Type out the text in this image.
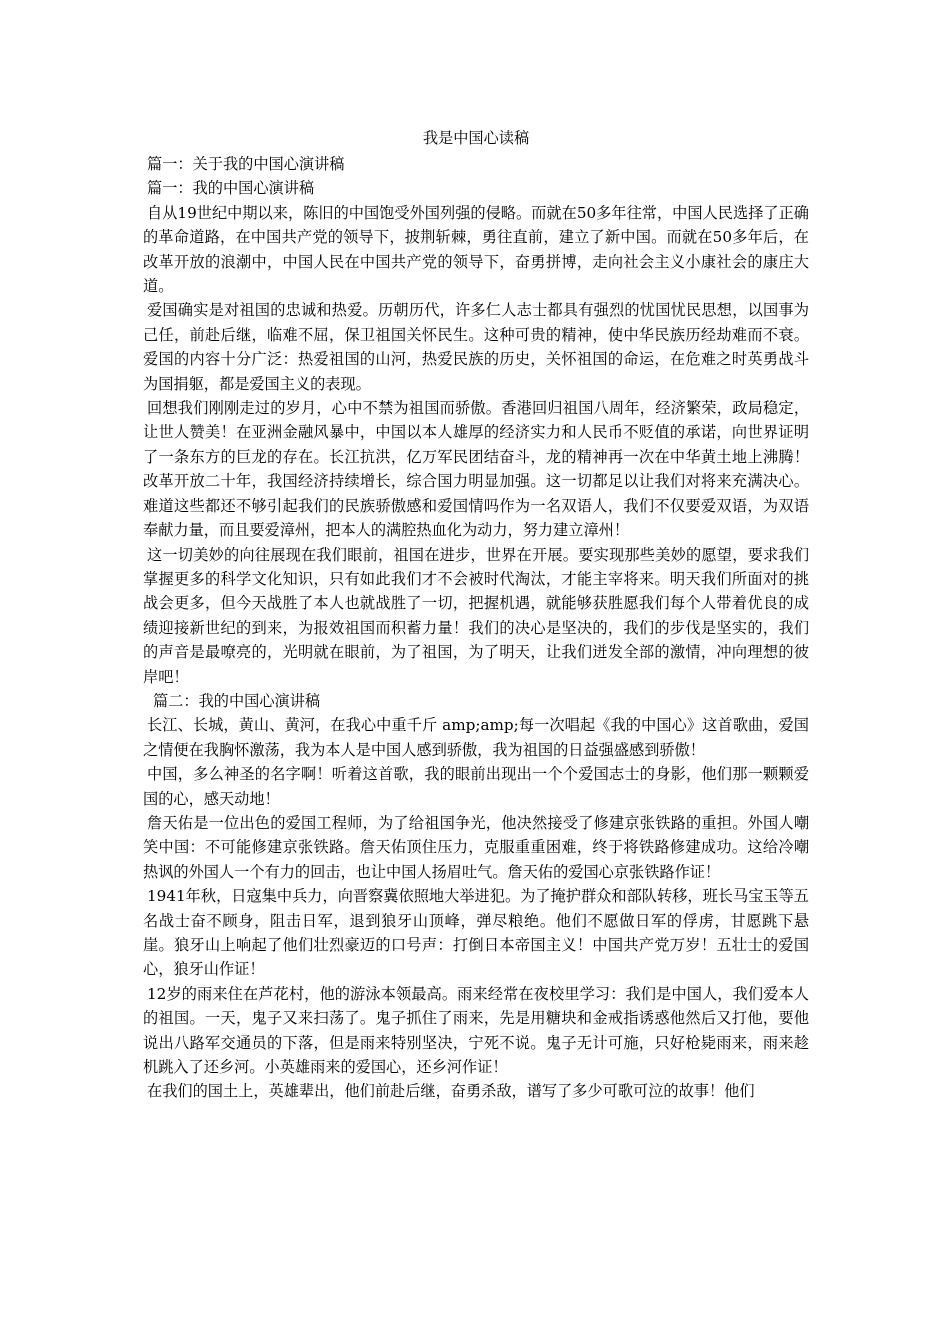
我是中国心读稿

篇一：关于我的中国心演讲稿

篇一：我的中国心演讲稿

自从19世纪中期以来，陈旧的中国饱受外国列强的侵略。而就在50多年往常，中国人民选择了正确的革命道路，在中国共产党的领导下，披荆斩棘，勇往直前，建立了新中国。而就在50多年后，在改革开放的浪潮中，中国人民在中国共产党的领导下，奋勇拼博，走向社会主义小康社会的康庄大道。

爱国确实是对祖国的忠诚和热爱。历朝历代，许多仁人志士都具有强烈的忧国忧民思想，以国事为己任，前赴后继，临难不屈，保卫祖国关怀民生。这种可贵的精神，使中华民族历经劫难而不衰。爱国的内容十分广泛：热爱祖国的山河，热爱民族的历史，关怀祖国的命运，在危难之时英勇战斗为国捐躯，都是爱国主义的表现。

回想我们刚刚走过的岁月，心中不禁为祖国而骄傲。香港回归祖国八周年，经济繁荣，政局稳定，让世人赞美！在亚洲金融风暴中，中国以本人雄厚的经济实力和人民币不贬值的承诺，向世界证明了一条东方的巨龙的存在。长江抗洪，亿万军民团结奋斗，龙的精神再一次在中华黄土地上沸腾！改革开放二十年，我国经济持续增长，综合国力明显加强。这一切都足以让我们对将来充满决心。难道这些都还不够引起我们的民族骄傲感和爱国情吗作为一名双语人，我们不仅要爱双语，为双语奉献力量，而且要爱漳州，把本人的满腔热血化为动力，努力建立漳州！

这一切美妙的向往展现在我们眼前，祖国在进步，世界在开展。要实现那些美妙的愿望，要求我们掌握更多的科学文化知识，只有如此我们才不会被时代淘汰，才能主宰将来。明天我们所面对的挑战会更多，但今天战胜了本人也就战胜了一切，把握机遇，就能够获胜愿我们每个人带着优良的成绩迎接新世纪的到来，为报效祖国而积蓄力量！我们的决心是坚决的，我们的步伐是坚实的，我们的声音是最嘹亮的，光明就在眼前，为了祖国，为了明天，让我们迸发全部的激情，冲向理想的彼岸吧！

篇二：我的中国心演讲稿

长江、长城，黄山、黄河，在我心中重千斤 amp;amp;每一次唱起《我的中国心》这首歌曲，爱国之情便在我胸怀激荡，我为本人是中国人感到骄傲，我为祖国的日益强盛感到骄傲！

中国，多么神圣的名字啊！听着这首歌，我的眼前出现出一个个爱国志士的身影，他们那一颗颗爱国的心，感天动地！

詹天佑是一位出色的爱国工程师，为了给祖国争光，他决然接受了修建京张铁路的重担。外国人嘲笑中国：不可能修建京张铁路。詹天佑顶住压力，克服重重困难，终于将铁路修建成功。这给冷嘲热讽的外国人一个有力的回击，也让中国人扬眉吐气。詹天佑的爱国心京张铁路作证！

1941年秋，日寇集中兵力，向晋察冀依照地大举进犯。为了掩护群众和部队转移，班长马宝玉等五名战士奋不顾身，阻击日军，退到狼牙山顶峰，弹尽粮绝。他们不愿做日军的俘虏，甘愿跳下悬崖。狼牙山上响起了他们壮烈豪迈的口号声：打倒日本帝国主义！中国共产党万岁！五壮士的爱国心，狼牙山作证！

12岁的雨来住在芦花村，他的游泳本领最高。雨来经常在夜校里学习：我们是中国人，我们爱本人的祖国。一天，鬼子又来扫荡了。鬼子抓住了雨来，先是用糖块和金戒指诱惑他然后又打他，要他说出八路军交通员的下落，但是雨来特别坚决，宁死不说。鬼子无计可施，只好枪毙雨来，雨来趁机跳入了还乡河。小英雄雨来的爱国心，还乡河作证！

在我们的国土上，英雄辈出，他们前赴后继，奋勇杀敌，谱写了多少可歌可泣的故事！他们
